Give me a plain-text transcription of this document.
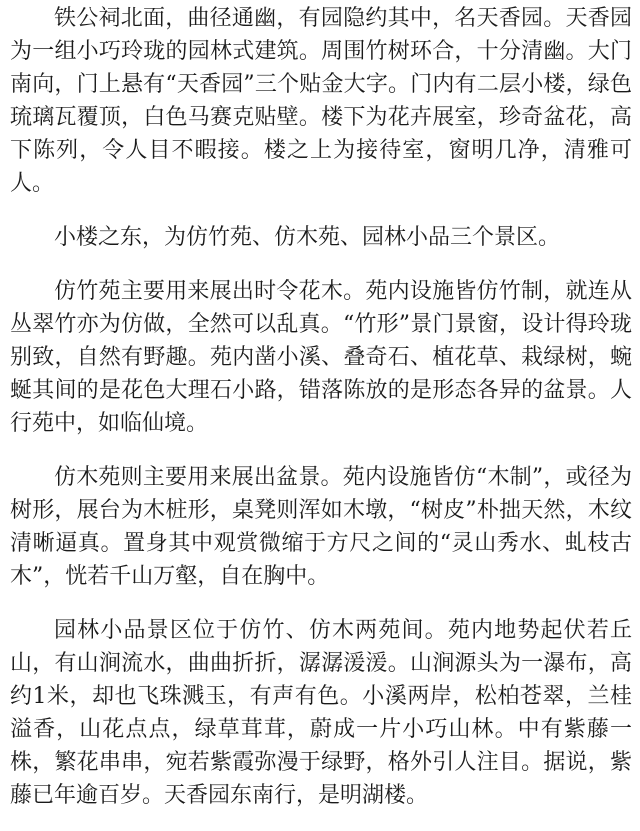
铁公祠北面，曲径通幽，有园隐约其中，名天香园。天香园为一组小巧玲珑的园林式建筑。周围竹树环合，十分清幽。大门南向，门上悬有“天香园”三个贴金大字。门内有二层小楼，绿色琉璃瓦覆顶，白色马赛克贴壁。楼下为花卉展室，珍奇盆花，高下陈列，令人目不暇接。楼之上为接待室，窗明几净，清雅可人。

小楼之东，为仿竹苑、仿木苑、园林小品三个景区。

仿竹苑主要用来展出时令花木。苑内设施皆仿竹制，就连从丛翠竹亦为仿做，全然可以乱真。“竹形”景门景窗，设计得玲珑别致，自然有野趣。苑内凿小溪、叠奇石、植花草、栽绿树，蜿蜒其间的是花色大理石小路，错落陈放的是形态各异的盆景。人行苑中，如临仙境。

仿木苑则主要用来展出盆景。苑内设施皆仿“木制”，或径为树形，展台为木桩形，桌凳则浑如木墩，“树皮”朴拙天然，木纹清晰逼真。置身其中观赏微缩于方尺之间的“灵山秀水、虬枝古木”，恍若千山万壑，自在胸中。

园林小品景区位于仿竹、仿木两苑间。苑内地势起伏若丘山，有山涧流水，曲曲折折，潺潺湲湲。山涧源头为一瀑布，高约1米，却也飞珠溅玉，有声有色。小溪两岸，松柏苍翠，兰桂溢香，山花点点，绿草茸茸，蔚成一片小巧山林。中有紫藤一株，繁花串串，宛若紫霞弥漫于绿野，格外引人注目。据说，紫藤已年逾百岁。天香园东南行，是明湖楼。
